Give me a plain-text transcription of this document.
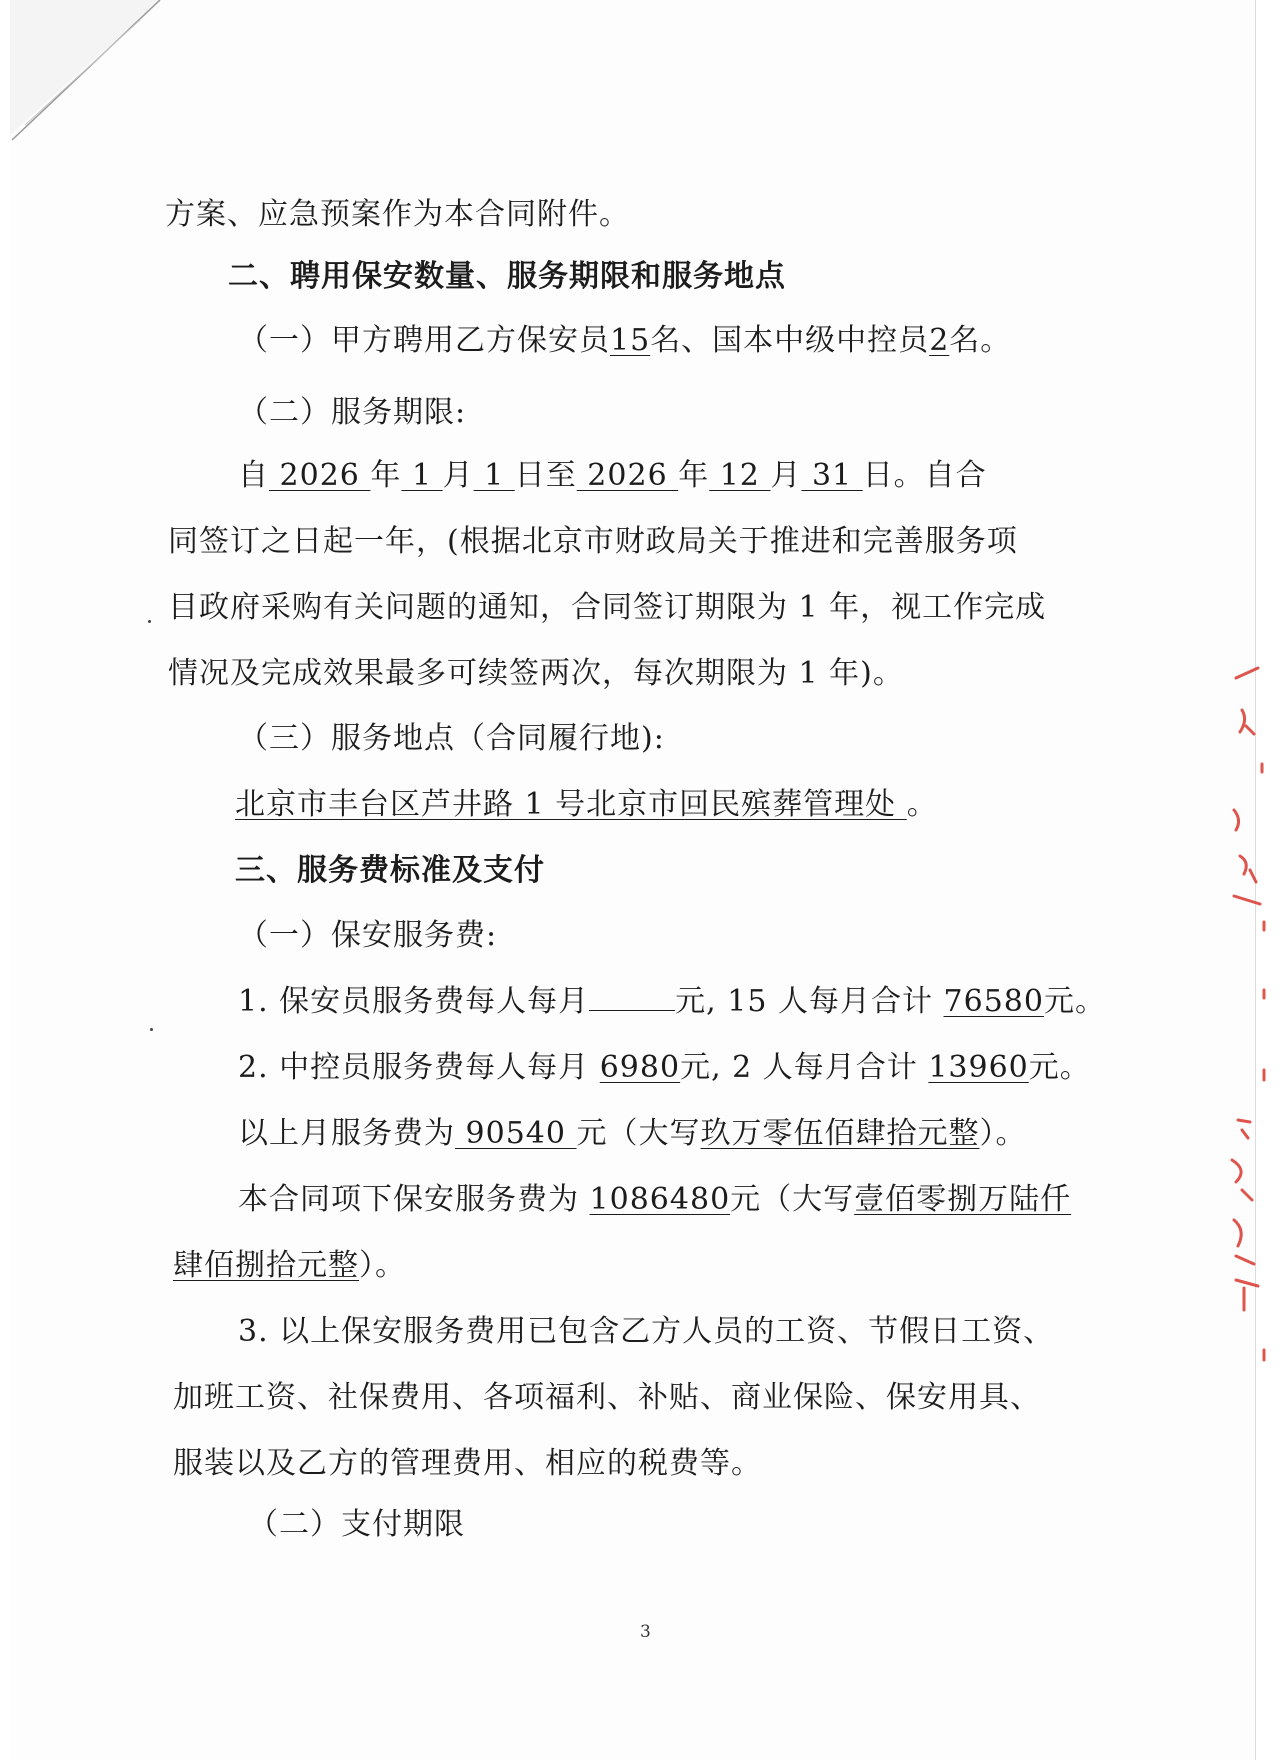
方案、应急预案作为本合同附件。
二、聘用保安数量、服务期限和服务地点
（一）甲方聘用乙方保安员15名、国本中级中控员2名。
（二）服务期限:
自 2026 年 1 月 1 日至 2026 年 12 月 31 日。自合
同签订之日起一年，(根据北京市财政局关于推进和完善服务项
目政府采购有关问题的通知，合同签订期限为 1 年，视工作完成
情况及完成效果最多可续签两次，每次期限为 1 年)。
（三）服务地点（合同履行地):
北京市丰台区芦井路 1 号北京市回民殡葬管理处 。
三、服务费标准及支付
（一）保安服务费:
1. 保安员服务费每人每月	元, 15 人每月合计 76580元。
2. 中控员服务费每人每月 6980元, 2 人每月合计 13960元。
以上月服务费为 90540 元（大写玖万零伍佰肆拾元整）。
本合同项下保安服务费为 1086480元（大写壹佰零捌万陆仟
肆佰捌拾元整）。
3. 以上保安服务费用已包含乙方人员的工资、节假日工资、
加班工资、社保费用、各项福利、补贴、商业保险、保安用具、
服装以及乙方的管理费用、相应的税费等。
（二）支付期限
3
